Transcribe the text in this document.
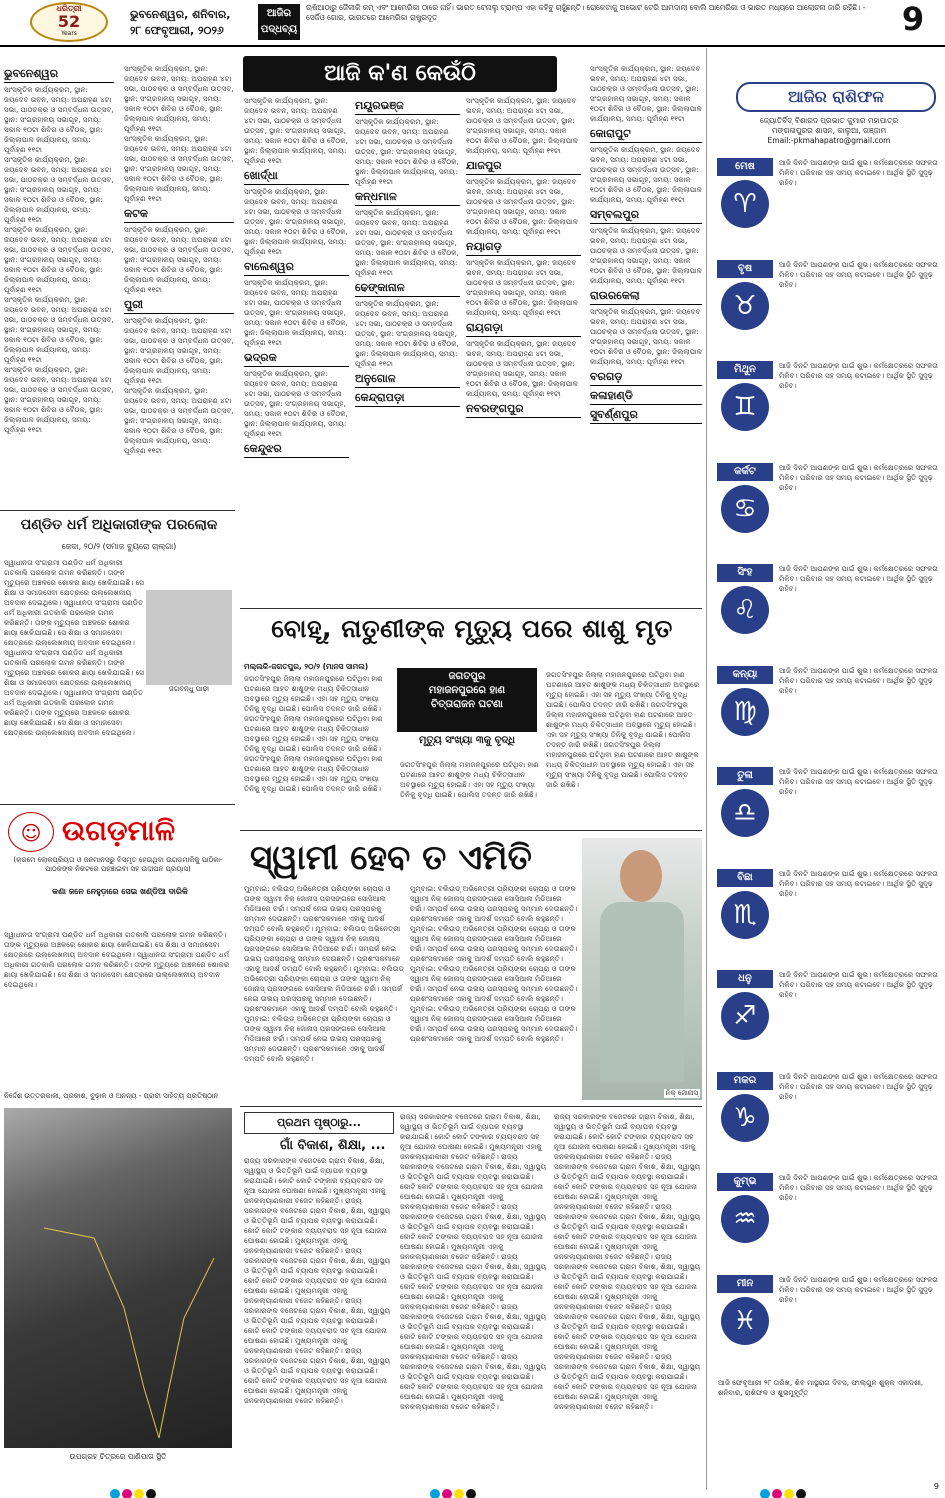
ଧରିତ୍ରୀ
52
Years
ଭୁବନେଶ୍ୱର, ଶନିବାର,
୨୮ ଫେବୃଆରୀ, ୨୦୨୬
ଆଜିର
ପଦ୍ଧବ୍ୟ
ଋଷିଆଠାରୁ ଜୈଳୀକି କମ୍ ଏବଂ ଆମେରିକା ଠାରେ ନାହିଁ। ଭାରତ ଟେନାଲୁ ଟ୍ରାମ୍ପ ଏହା କହିବୁ ଚାହୁଁଛନ୍ତି। ରୋକେଟାକୁ ଅଭୋଟ ଟେରି ଆମଦାନୀ ବୋଲି ଆମେରିକା ଓ ଭାରତ ମଧ୍ୟରେ ଆଲୋଚନା ଜାରି ରହିଛି। - ସେର୍ଜିଓ ଗୋର, ଭାରତରେ ଆମେରିକା ରାଷ୍ଟ୍ରଦୂତ	9
ଆଜି କ'ଣ କେଉଁଠି
ଭୁବନେଶ୍ୱର
ସାଂସ୍କୃତିକ କାର୍ଯ୍ୟକ୍ରମ, ସ୍ଥାନ: ଜୟଦେବ ଭବନ, ସମୟ: ଅପରାହ୍ଣ ୪ଟା ସଭା, ପାଠଚକ୍ର ଓ ସମ୍ବର୍ଦ୍ଧନା ଉତ୍ସବ, ସ୍ଥାନ: ସଂଗ୍ରହାଳୟ ସଭାଗୃହ, ସମୟ: ସକାଳ ୧୦ଟା ଶିବିର ଓ ବୈଠକ, ସ୍ଥାନ: ଜିଲ୍ଲାପାଳ କାର୍ଯ୍ୟାଳୟ, ସମୟ: ପୂର୍ବାହ୍ଣ ୧୧ଟା
ସାଂସ୍କୃତିକ କାର୍ଯ୍ୟକ୍ରମ, ସ୍ଥାନ: ଜୟଦେବ ଭବନ, ସମୟ: ଅପରାହ୍ଣ ୪ଟା ସଭା, ପାଠଚକ୍ର ଓ ସମ୍ବର୍ଦ୍ଧନା ଉତ୍ସବ, ସ୍ଥାନ: ସଂଗ୍ରହାଳୟ ସଭାଗୃହ, ସମୟ: ସକାଳ ୧୦ଟା ଶିବିର ଓ ବୈଠକ, ସ୍ଥାନ: ଜିଲ୍ଲାପାଳ କାର୍ଯ୍ୟାଳୟ, ସମୟ: ପୂର୍ବାହ୍ଣ ୧୧ଟା
ସାଂସ୍କୃତିକ କାର୍ଯ୍ୟକ୍ରମ, ସ୍ଥାନ: ଜୟଦେବ ଭବନ, ସମୟ: ଅପରାହ୍ଣ ୪ଟା ସଭା, ପାଠଚକ୍ର ଓ ସମ୍ବର୍ଦ୍ଧନା ଉତ୍ସବ, ସ୍ଥାନ: ସଂଗ୍ରହାଳୟ ସଭାଗୃହ, ସମୟ: ସକାଳ ୧୦ଟା ଶିବିର ଓ ବୈଠକ, ସ୍ଥାନ: ଜିଲ୍ଲାପାଳ କାର୍ଯ୍ୟାଳୟ, ସମୟ: ପୂର୍ବାହ୍ଣ ୧୧ଟା
ସାଂସ୍କୃତିକ କାର୍ଯ୍ୟକ୍ରମ, ସ୍ଥାନ: ଜୟଦେବ ଭବନ, ସମୟ: ଅପରାହ୍ଣ ୪ଟା ସଭା, ପାଠଚକ୍ର ଓ ସମ୍ବର୍ଦ୍ଧନା ଉତ୍ସବ, ସ୍ଥାନ: ସଂଗ୍ରହାଳୟ ସଭାଗୃହ, ସମୟ: ସକାଳ ୧୦ଟା ଶିବିର ଓ ବୈଠକ, ସ୍ଥାନ: ଜିଲ୍ଲାପାଳ କାର୍ଯ୍ୟାଳୟ, ସମୟ: ପୂର୍ବାହ୍ଣ ୧୧ଟା
ସାଂସ୍କୃତିକ କାର୍ଯ୍ୟକ୍ରମ, ସ୍ଥାନ: ଜୟଦେବ ଭବନ, ସମୟ: ଅପରାହ୍ଣ ୪ଟା ସଭା, ପାଠଚକ୍ର ଓ ସମ୍ବର୍ଦ୍ଧନା ଉତ୍ସବ, ସ୍ଥାନ: ସଂଗ୍ରହାଳୟ ସଭାଗୃହ, ସମୟ: ସକାଳ ୧୦ଟା ଶିବିର ଓ ବୈଠକ, ସ୍ଥାନ: ଜିଲ୍ଲାପାଳ କାର୍ଯ୍ୟାଳୟ, ସମୟ: ପୂର୍ବାହ୍ଣ ୧୧ଟା
ସାଂସ୍କୃତିକ କାର୍ଯ୍ୟକ୍ରମ, ସ୍ଥାନ: ଜୟଦେବ ଭବନ, ସମୟ: ଅପରାହ୍ଣ ୪ଟା ସଭା, ପାଠଚକ୍ର ଓ ସମ୍ବର୍ଦ୍ଧନା ଉତ୍ସବ, ସ୍ଥାନ: ସଂଗ୍ରହାଳୟ ସଭାଗୃହ, ସମୟ: ସକାଳ ୧୦ଟା ଶିବିର ଓ ବୈଠକ, ସ୍ଥାନ: ଜିଲ୍ଲାପାଳ କାର୍ଯ୍ୟାଳୟ, ସମୟ: ପୂର୍ବାହ୍ଣ ୧୧ଟା
ସାଂସ୍କୃତିକ କାର୍ଯ୍ୟକ୍ରମ, ସ୍ଥାନ: ଜୟଦେବ ଭବନ, ସମୟ: ଅପରାହ୍ଣ ୪ଟା ସଭା, ପାଠଚକ୍ର ଓ ସମ୍ବର୍ଦ୍ଧନା ଉତ୍ସବ, ସ୍ଥାନ: ସଂଗ୍ରହାଳୟ ସଭାଗୃହ, ସମୟ: ସକାଳ ୧୦ଟା ଶିବିର ଓ ବୈଠକ, ସ୍ଥାନ: ଜିଲ୍ଲାପାଳ କାର୍ଯ୍ୟାଳୟ, ସମୟ: ପୂର୍ବାହ୍ଣ ୧୧ଟା
କଟକ
ସାଂସ୍କୃତିକ କାର୍ଯ୍ୟକ୍ରମ, ସ୍ଥାନ: ଜୟଦେବ ଭବନ, ସମୟ: ଅପରାହ୍ଣ ୪ଟା ସଭା, ପାଠଚକ୍ର ଓ ସମ୍ବର୍ଦ୍ଧନା ଉତ୍ସବ, ସ୍ଥାନ: ସଂଗ୍ରହାଳୟ ସଭାଗୃହ, ସମୟ: ସକାଳ ୧୦ଟା ଶିବିର ଓ ବୈଠକ, ସ୍ଥାନ: ଜିଲ୍ଲାପାଳ କାର୍ଯ୍ୟାଳୟ, ସମୟ: ପୂର୍ବାହ୍ଣ ୧୧ଟା
ପୁରୀ
ସାଂସ୍କୃତିକ କାର୍ଯ୍ୟକ୍ରମ, ସ୍ଥାନ: ଜୟଦେବ ଭବନ, ସମୟ: ଅପରାହ୍ଣ ୪ଟା ସଭା, ପାଠଚକ୍ର ଓ ସମ୍ବର୍ଦ୍ଧନା ଉତ୍ସବ, ସ୍ଥାନ: ସଂଗ୍ରହାଳୟ ସଭାଗୃହ, ସମୟ: ସକାଳ ୧୦ଟା ଶିବିର ଓ ବୈଠକ, ସ୍ଥାନ: ଜିଲ୍ଲାପାଳ କାର୍ଯ୍ୟାଳୟ, ସମୟ: ପୂର୍ବାହ୍ଣ ୧୧ଟା
ସାଂସ୍କୃତିକ କାର୍ଯ୍ୟକ୍ରମ, ସ୍ଥାନ: ଜୟଦେବ ଭବନ, ସମୟ: ଅପରାହ୍ଣ ୪ଟା ସଭା, ପାଠଚକ୍ର ଓ ସମ୍ବର୍ଦ୍ଧନା ଉତ୍ସବ, ସ୍ଥାନ: ସଂଗ୍ରହାଳୟ ସଭାଗୃହ, ସମୟ: ସକାଳ ୧୦ଟା ଶିବିର ଓ ବୈଠକ, ସ୍ଥାନ: ଜିଲ୍ଲାପାଳ କାର୍ଯ୍ୟାଳୟ, ସମୟ: ପୂର୍ବାହ୍ଣ ୧୧ଟା
ସାଂସ୍କୃତିକ କାର୍ଯ୍ୟକ୍ରମ, ସ୍ଥାନ: ଜୟଦେବ ଭବନ, ସମୟ: ଅପରାହ୍ଣ ୪ଟା ସଭା, ପାଠଚକ୍ର ଓ ସମ୍ବର୍ଦ୍ଧନା ଉତ୍ସବ, ସ୍ଥାନ: ସଂଗ୍ରହାଳୟ ସଭାଗୃହ, ସମୟ: ସକାଳ ୧୦ଟା ଶିବିର ଓ ବୈଠକ, ସ୍ଥାନ: ଜିଲ୍ଲାପାଳ କାର୍ଯ୍ୟାଳୟ, ସମୟ: ପୂର୍ବାହ୍ଣ ୧୧ଟା
ଖୋର୍ଦ୍ଧା
ସାଂସ୍କୃତିକ କାର୍ଯ୍ୟକ୍ରମ, ସ୍ଥାନ: ଜୟଦେବ ଭବନ, ସମୟ: ଅପରାହ୍ଣ ୪ଟା ସଭା, ପାଠଚକ୍ର ଓ ସମ୍ବର୍ଦ୍ଧନା ଉତ୍ସବ, ସ୍ଥାନ: ସଂଗ୍ରହାଳୟ ସଭାଗୃହ, ସମୟ: ସକାଳ ୧୦ଟା ଶିବିର ଓ ବୈଠକ, ସ୍ଥାନ: ଜିଲ୍ଲାପାଳ କାର୍ଯ୍ୟାଳୟ, ସମୟ: ପୂର୍ବାହ୍ଣ ୧୧ଟା
ବାଲେଶ୍ୱର
ସାଂସ୍କୃତିକ କାର୍ଯ୍ୟକ୍ରମ, ସ୍ଥାନ: ଜୟଦେବ ଭବନ, ସମୟ: ଅପରାହ୍ଣ ୪ଟା ସଭା, ପାଠଚକ୍ର ଓ ସମ୍ବର୍ଦ୍ଧନା ଉତ୍ସବ, ସ୍ଥାନ: ସଂଗ୍ରହାଳୟ ସଭାଗୃହ, ସମୟ: ସକାଳ ୧୦ଟା ଶିବିର ଓ ବୈଠକ, ସ୍ଥାନ: ଜିଲ୍ଲାପାଳ କାର୍ଯ୍ୟାଳୟ, ସମୟ: ପୂର୍ବାହ୍ଣ ୧୧ଟା
ଭଦ୍ରକ
ସାଂସ୍କୃତିକ କାର୍ଯ୍ୟକ୍ରମ, ସ୍ଥାନ: ଜୟଦେବ ଭବନ, ସମୟ: ଅପରାହ୍ଣ ୪ଟା ସଭା, ପାଠଚକ୍ର ଓ ସମ୍ବର୍ଦ୍ଧନା ଉତ୍ସବ, ସ୍ଥାନ: ସଂଗ୍ରହାଳୟ ସଭାଗୃହ, ସମୟ: ସକାଳ ୧୦ଟା ଶିବିର ଓ ବୈଠକ, ସ୍ଥାନ: ଜିଲ୍ଲାପାଳ କାର୍ଯ୍ୟାଳୟ, ସମୟ: ପୂର୍ବାହ୍ଣ ୧୧ଟା
କେନ୍ଦୁଝର
ମୟୂରଭଞ୍ଜ
ସାଂସ୍କୃତିକ କାର୍ଯ୍ୟକ୍ରମ, ସ୍ଥାନ: ଜୟଦେବ ଭବନ, ସମୟ: ଅପରାହ୍ଣ ୪ଟା ସଭା, ପାଠଚକ୍ର ଓ ସମ୍ବର୍ଦ୍ଧନା ଉତ୍ସବ, ସ୍ଥାନ: ସଂଗ୍ରହାଳୟ ସଭାଗୃହ, ସମୟ: ସକାଳ ୧୦ଟା ଶିବିର ଓ ବୈଠକ, ସ୍ଥାନ: ଜିଲ୍ଲାପାଳ କାର୍ଯ୍ୟାଳୟ, ସମୟ: ପୂର୍ବାହ୍ଣ ୧୧ଟା
କନ୍ଧମାଳ
ସାଂସ୍କୃତିକ କାର୍ଯ୍ୟକ୍ରମ, ସ୍ଥାନ: ଜୟଦେବ ଭବନ, ସମୟ: ଅପରାହ୍ଣ ୪ଟା ସଭା, ପାଠଚକ୍ର ଓ ସମ୍ବର୍ଦ୍ଧନା ଉତ୍ସବ, ସ୍ଥାନ: ସଂଗ୍ରହାଳୟ ସଭାଗୃହ, ସମୟ: ସକାଳ ୧୦ଟା ଶିବିର ଓ ବୈଠକ, ସ୍ଥାନ: ଜିଲ୍ଲାପାଳ କାର୍ଯ୍ୟାଳୟ, ସମୟ: ପୂର୍ବାହ୍ଣ ୧୧ଟା
ଢେଙ୍କାନାଳ
ସାଂସ୍କୃତିକ କାର୍ଯ୍ୟକ୍ରମ, ସ୍ଥାନ: ଜୟଦେବ ଭବନ, ସମୟ: ଅପରାହ୍ଣ ୪ଟା ସଭା, ପାଠଚକ୍ର ଓ ସମ୍ବର୍ଦ୍ଧନା ଉତ୍ସବ, ସ୍ଥାନ: ସଂଗ୍ରହାଳୟ ସଭାଗୃହ, ସମୟ: ସକାଳ ୧୦ଟା ଶିବିର ଓ ବୈଠକ, ସ୍ଥାନ: ଜିଲ୍ଲାପାଳ କାର୍ଯ୍ୟାଳୟ, ସମୟ: ପୂର୍ବାହ୍ଣ ୧୧ଟା
ଅନୁଗୋଳ
କେନ୍ଦ୍ରାପଡ଼ା
ସାଂସ୍କୃତିକ କାର୍ଯ୍ୟକ୍ରମ, ସ୍ଥାନ: ଜୟଦେବ ଭବନ, ସମୟ: ଅପରାହ୍ଣ ୪ଟା ସଭା, ପାଠଚକ୍ର ଓ ସମ୍ବର୍ଦ୍ଧନା ଉତ୍ସବ, ସ୍ଥାନ: ସଂଗ୍ରହାଳୟ ସଭାଗୃହ, ସମୟ: ସକାଳ ୧୦ଟା ଶିବିର ଓ ବୈଠକ, ସ୍ଥାନ: ଜିଲ୍ଲାପାଳ କାର୍ଯ୍ୟାଳୟ, ସମୟ: ପୂର୍ବାହ୍ଣ ୧୧ଟା
ଯାଜପୁର
ସାଂସ୍କୃତିକ କାର୍ଯ୍ୟକ୍ରମ, ସ୍ଥାନ: ଜୟଦେବ ଭବନ, ସମୟ: ଅପରାହ୍ଣ ୪ଟା ସଭା, ପାଠଚକ୍ର ଓ ସମ୍ବର୍ଦ୍ଧନା ଉତ୍ସବ, ସ୍ଥାନ: ସଂଗ୍ରହାଳୟ ସଭାଗୃହ, ସମୟ: ସକାଳ ୧୦ଟା ଶିବିର ଓ ବୈଠକ, ସ୍ଥାନ: ଜିଲ୍ଲାପାଳ କାର୍ଯ୍ୟାଳୟ, ସମୟ: ପୂର୍ବାହ୍ଣ ୧୧ଟା
ନୟାଗଡ଼
ସାଂସ୍କୃତିକ କାର୍ଯ୍ୟକ୍ରମ, ସ୍ଥାନ: ଜୟଦେବ ଭବନ, ସମୟ: ଅପରାହ୍ଣ ୪ଟା ସଭା, ପାଠଚକ୍ର ଓ ସମ୍ବର୍ଦ୍ଧନା ଉତ୍ସବ, ସ୍ଥାନ: ସଂଗ୍ରହାଳୟ ସଭାଗୃହ, ସମୟ: ସକାଳ ୧୦ଟା ଶିବିର ଓ ବୈଠକ, ସ୍ଥାନ: ଜିଲ୍ଲାପାଳ କାର୍ଯ୍ୟାଳୟ, ସମୟ: ପୂର୍ବାହ୍ଣ ୧୧ଟା
ରାୟଗଡ଼ା
ସାଂସ୍କୃତିକ କାର୍ଯ୍ୟକ୍ରମ, ସ୍ଥାନ: ଜୟଦେବ ଭବନ, ସମୟ: ଅପରାହ୍ଣ ୪ଟା ସଭା, ପାଠଚକ୍ର ଓ ସମ୍ବର୍ଦ୍ଧନା ଉତ୍ସବ, ସ୍ଥାନ: ସଂଗ୍ରହାଳୟ ସଭାଗୃହ, ସମୟ: ସକାଳ ୧୦ଟା ଶିବିର ଓ ବୈଠକ, ସ୍ଥାନ: ଜିଲ୍ଲାପାଳ କାର୍ଯ୍ୟାଳୟ, ସମୟ: ପୂର୍ବାହ୍ଣ ୧୧ଟା
ନବରଙ୍ଗପୁର
ସାଂସ୍କୃତିକ କାର୍ଯ୍ୟକ୍ରମ, ସ୍ଥାନ: ଜୟଦେବ ଭବନ, ସମୟ: ଅପରାହ୍ଣ ୪ଟା ସଭା, ପାଠଚକ୍ର ଓ ସମ୍ବର୍ଦ୍ଧନା ଉତ୍ସବ, ସ୍ଥାନ: ସଂଗ୍ରହାଳୟ ସଭାଗୃହ, ସମୟ: ସକାଳ ୧୦ଟା ଶିବିର ଓ ବୈଠକ, ସ୍ଥାନ: ଜିଲ୍ଲାପାଳ କାର୍ଯ୍ୟାଳୟ, ସମୟ: ପୂର୍ବାହ୍ଣ ୧୧ଟା
କୋରାପୁଟ
ସାଂସ୍କୃତିକ କାର୍ଯ୍ୟକ୍ରମ, ସ୍ଥାନ: ଜୟଦେବ ଭବନ, ସମୟ: ଅପରାହ୍ଣ ୪ଟା ସଭା, ପାଠଚକ୍ର ଓ ସମ୍ବର୍ଦ୍ଧନା ଉତ୍ସବ, ସ୍ଥାନ: ସଂଗ୍ରହାଳୟ ସଭାଗୃହ, ସମୟ: ସକାଳ ୧୦ଟା ଶିବିର ଓ ବୈଠକ, ସ୍ଥାନ: ଜିଲ୍ଲାପାଳ କାର୍ଯ୍ୟାଳୟ, ସମୟ: ପୂର୍ବାହ୍ଣ ୧୧ଟା
ସମ୍ବଲପୁର
ସାଂସ୍କୃତିକ କାର୍ଯ୍ୟକ୍ରମ, ସ୍ଥାନ: ଜୟଦେବ ଭବନ, ସମୟ: ଅପରାହ୍ଣ ୪ଟା ସଭା, ପାଠଚକ୍ର ଓ ସମ୍ବର୍ଦ୍ଧନା ଉତ୍ସବ, ସ୍ଥାନ: ସଂଗ୍ରହାଳୟ ସଭାଗୃହ, ସମୟ: ସକାଳ ୧୦ଟା ଶିବିର ଓ ବୈଠକ, ସ୍ଥାନ: ଜିଲ୍ଲାପାଳ କାର୍ଯ୍ୟାଳୟ, ସମୟ: ପୂର୍ବାହ୍ଣ ୧୧ଟା
ରାଉରକେଲା
ସାଂସ୍କୃତିକ କାର୍ଯ୍ୟକ୍ରମ, ସ୍ଥାନ: ଜୟଦେବ ଭବନ, ସମୟ: ଅପରାହ୍ଣ ୪ଟା ସଭା, ପାଠଚକ୍ର ଓ ସମ୍ବର୍ଦ୍ଧନା ଉତ୍ସବ, ସ୍ଥାନ: ସଂଗ୍ରହାଳୟ ସଭାଗୃହ, ସମୟ: ସକାଳ ୧୦ଟା ଶିବିର ଓ ବୈଠକ, ସ୍ଥାନ: ଜିଲ୍ଲାପାଳ କାର୍ଯ୍ୟାଳୟ, ସମୟ: ପୂର୍ବାହ୍ଣ ୧୧ଟା
ବରଗଡ଼
କଳାହାଣ୍ଡି
ସୁବର୍ଣ୍ଣପୁର
ଆଜିର ରାଶିଫଳ
ଜ୍ୟୋତିର୍ବିଦ୍ ବିଶାରଦ ପ୍ରଭାତ କୁମାର ମହାପାତ୍ର
ମଙ୍ଗଳାପୁରର ଶାସନ, କାଲୁଆ, ଗଞ୍ଜାମ
Email:-pkmahapatro@gmail.com
ମେଷ
♈
ଆଜି ଦିନଟି ଆପଣଙ୍କ ପାଇଁ ଶୁଭ। କର୍ମକ୍ଷେତ୍ରରେ ସଫଳତା ମିଳିବ। ପରିବାର ସହ ସମୟ କଟାଇବେ। ଆର୍ଥିକ ସ୍ଥିତି ସୁଦୃଢ଼ ରହିବ।
ବୃଷ
♉
ଆଜି ଦିନଟି ଆପଣଙ୍କ ପାଇଁ ଶୁଭ। କର୍ମକ୍ଷେତ୍ରରେ ସଫଳତା ମିଳିବ। ପରିବାର ସହ ସମୟ କଟାଇବେ। ଆର୍ଥିକ ସ୍ଥିତି ସୁଦୃଢ଼ ରହିବ।
ମିଥୁନ
♊
ଆଜି ଦିନଟି ଆପଣଙ୍କ ପାଇଁ ଶୁଭ। କର୍ମକ୍ଷେତ୍ରରେ ସଫଳତା ମିଳିବ। ପରିବାର ସହ ସମୟ କଟାଇବେ। ଆର୍ଥିକ ସ୍ଥିତି ସୁଦୃଢ଼ ରହିବ।
କର୍କଟ
♋
ଆଜି ଦିନଟି ଆପଣଙ୍କ ପାଇଁ ଶୁଭ। କର୍ମକ୍ଷେତ୍ରରେ ସଫଳତା ମିଳିବ। ପରିବାର ସହ ସମୟ କଟାଇବେ। ଆର୍ଥିକ ସ୍ଥିତି ସୁଦୃଢ଼ ରହିବ।
ସିଂହ
♌
ଆଜି ଦିନଟି ଆପଣଙ୍କ ପାଇଁ ଶୁଭ। କର୍ମକ୍ଷେତ୍ରରେ ସଫଳତା ମିଳିବ। ପରିବାର ସହ ସମୟ କଟାଇବେ। ଆର୍ଥିକ ସ୍ଥିତି ସୁଦୃଢ଼ ରହିବ।
କନ୍ୟା
♍
ଆଜି ଦିନଟି ଆପଣଙ୍କ ପାଇଁ ଶୁଭ। କର୍ମକ୍ଷେତ୍ରରେ ସଫଳତା ମିଳିବ। ପରିବାର ସହ ସମୟ କଟାଇବେ। ଆର୍ଥିକ ସ୍ଥିତି ସୁଦୃଢ଼ ରହିବ।
ତୁଳା
♎
ଆଜି ଦିନଟି ଆପଣଙ୍କ ପାଇଁ ଶୁଭ। କର୍ମକ୍ଷେତ୍ରରେ ସଫଳତା ମିଳିବ। ପରିବାର ସହ ସମୟ କଟାଇବେ। ଆର୍ଥିକ ସ୍ଥିତି ସୁଦୃଢ଼ ରହିବ।
ବିଛା
♏
ଆଜି ଦିନଟି ଆପଣଙ୍କ ପାଇଁ ଶୁଭ। କର୍ମକ୍ଷେତ୍ରରେ ସଫଳତା ମିଳିବ। ପରିବାର ସହ ସମୟ କଟାଇବେ। ଆର୍ଥିକ ସ୍ଥିତି ସୁଦୃଢ଼ ରହିବ।
ଧନୁ
♐
ଆଜି ଦିନଟି ଆପଣଙ୍କ ପାଇଁ ଶୁଭ। କର୍ମକ୍ଷେତ୍ରରେ ସଫଳତା ମିଳିବ। ପରିବାର ସହ ସମୟ କଟାଇବେ। ଆର୍ଥିକ ସ୍ଥିତି ସୁଦୃଢ଼ ରହିବ।
ମକର
♑
ଆଜି ଦିନଟି ଆପଣଙ୍କ ପାଇଁ ଶୁଭ। କର୍ମକ୍ଷେତ୍ରରେ ସଫଳତା ମିଳିବ। ପରିବାର ସହ ସମୟ କଟାଇବେ। ଆର୍ଥିକ ସ୍ଥିତି ସୁଦୃଢ଼ ରହିବ।
କୁମ୍ଭ
♒
ଆଜି ଦିନଟି ଆପଣଙ୍କ ପାଇଁ ଶୁଭ। କର୍ମକ୍ଷେତ୍ରରେ ସଫଳତା ମିଳିବ। ପରିବାର ସହ ସମୟ କଟାଇବେ। ଆର୍ଥିକ ସ୍ଥିତି ସୁଦୃଢ଼ ରହିବ।
ମୀନ
♓
ଆଜି ଦିନଟି ଆପଣଙ୍କ ପାଇଁ ଶୁଭ। କର୍ମକ୍ଷେତ୍ରରେ ସଫଳତା ମିଳିବ। ପରିବାର ସହ ସମୟ କଟାଇବେ। ଆର୍ଥିକ ସ୍ଥିତି ସୁଦୃଢ଼ ରହିବ।
ଆଜି ଫେବୃଆରୀ ୨୮ ତାରିଖ, ଶିବ ମାସ୍ଥରାଗ ଦିବସ, ଫାଲ୍ଗୁନ ଶୁକ୍ଳ ଏକାଦଶୀ, ଶନିବାର, ରାଶିଫଳ ଓ ଶୁଭମୁହୂର୍ତ୍ତ
ପଣ୍ଡିତ ଧର୍ମ ଅଧିକାରୀଙ୍କ ପରଲୋକ
ଜେଦା, ୨୦/୨ (ସମାଜ ବ୍ୟୁରୋ ଚାଲ୍ଗା)
ଜଗବନ୍ଧୁ ପାଢ଼ୀ
ସ୍ୱାଧୀନତା ସଂଗ୍ରାମୀ ପଣ୍ଡିତ ଧର୍ମ ଅଧିକାରୀ ଗତକାଲି ପରଲୋକ ଗମନ କରିଛନ୍ତି। ତାଙ୍କ ମୃତ୍ୟୁରେ ଅଞ୍ଚଳରେ ଶୋକର ଛାୟା ଖେଳିଯାଇଛି। ସେ ଶିକ୍ଷା ଓ ସମାଜସେବା କ୍ଷେତ୍ରରେ ଉଲ୍ଲେଖନୀୟ ଅବଦାନ ଦେଇଥିଲେ। ସ୍ୱାଧୀନତା ସଂଗ୍ରାମୀ ପଣ୍ଡିତ ଧର୍ମ ଅଧିକାରୀ ଗତକାଲି ପରଲୋକ ଗମନ କରିଛନ୍ତି। ତାଙ୍କ ମୃତ୍ୟୁରେ ଅଞ୍ଚଳରେ ଶୋକର ଛାୟା ଖେଳିଯାଇଛି। ସେ ଶିକ୍ଷା ଓ ସମାଜସେବା କ୍ଷେତ୍ରରେ ଉଲ୍ଲେଖନୀୟ ଅବଦାନ ଦେଇଥିଲେ। ସ୍ୱାଧୀନତା ସଂଗ୍ରାମୀ ପଣ୍ଡିତ ଧର୍ମ ଅଧିକାରୀ ଗତକାଲି ପରଲୋକ ଗମନ କରିଛନ୍ତି। ତାଙ୍କ ମୃତ୍ୟୁରେ ଅଞ୍ଚଳରେ ଶୋକର ଛାୟା ଖେଳିଯାଇଛି। ସେ ଶିକ୍ଷା ଓ ସମାଜସେବା କ୍ଷେତ୍ରରେ ଉଲ୍ଲେଖନୀୟ ଅବଦାନ ଦେଇଥିଲେ। ସ୍ୱାଧୀନତା ସଂଗ୍ରାମୀ ପଣ୍ଡିତ ଧର୍ମ ଅଧିକାରୀ ଗତକାଲି ପରଲୋକ ଗମନ କରିଛନ୍ତି। ତାଙ୍କ ମୃତ୍ୟୁରେ ଅଞ୍ଚଳରେ ଶୋକର ଛାୟା ଖେଳିଯାଇଛି। ସେ ଶିକ୍ଷା ଓ ସମାଜସେବା କ୍ଷେତ୍ରରେ ଉଲ୍ଲେଖନୀୟ ଅବଦାନ ଦେଇଥିଲେ।
☺ ଉଗଡ଼ମାଳି
(କ୍ରମେ ଲୋକପ୍ରିୟତା ଓ ଜନମାନସରୁ ବିସ୍ମୃତ ହେଉଥିବା ଉଗଡ଼ମାଳିକୁ ପାଠିକା-ପାଠକଙ୍କ ନିକଟରେ ପହଞ୍ଚାଇବା ସହ ଉଦ୍ଦୀପନ ପ୍ରୟାସ)
କଣା ଜନେ ନେହୁଡ଼ାରେ ସେଇ ଖଣ୍ଡିଆ ଦାରିକି
ସ୍ୱାଧୀନତା ସଂଗ୍ରାମୀ ପଣ୍ଡିତ ଧର୍ମ ଅଧିକାରୀ ଗତକାଲି ପରଲୋକ ଗମନ କରିଛନ୍ତି। ତାଙ୍କ ମୃତ୍ୟୁରେ ଅଞ୍ଚଳରେ ଶୋକର ଛାୟା ଖେଳିଯାଇଛି। ସେ ଶିକ୍ଷା ଓ ସମାଜସେବା କ୍ଷେତ୍ରରେ ଉଲ୍ଲେଖନୀୟ ଅବଦାନ ଦେଇଥିଲେ। ସ୍ୱାଧୀନତା ସଂଗ୍ରାମୀ ପଣ୍ଡିତ ଧର୍ମ ଅଧିକାରୀ ଗତକାଲି ପରଲୋକ ଗମନ କରିଛନ୍ତି। ତାଙ୍କ ମୃତ୍ୟୁରେ ଅଞ୍ଚଳରେ ଶୋକର ଛାୟା ଖେଳିଯାଇଛି। ସେ ଶିକ୍ଷା ଓ ସମାଜସେବା କ୍ଷେତ୍ରରେ ଉଲ୍ଲେଖନୀୟ ଅବଦାନ ଦେଇଥିଲେ।
ନିର୍ଦ୍ଦେଶ ଉତ୍ତରକାଳୀ, ପ୍ରକାଶ, ବୁଢ଼ାଳ ଓ ଅନନ୍ୟ - ପ୍ରାଚୀ ସାହିତ୍ୟ ପ୍ରତିଷ୍ଠାନ
ଉପଗ୍ରହ ଚିତ୍ରରେ ପାଣିପାଗ ସ୍ଥିତି
ବୋହୂ, ନାତୁଣୀଙ୍କ ମୃତ୍ୟୁ ପରେ ଶାଶୁ ମୃତ
ମଲ୍ଲକି-ଜଗତପୁର, ୨୦/୨ (ମାନସ ସାମଲ)
ଜଗତପୁର
ମହାଜନପୁରରେ ହାଣ
ଚିତ୍ତାରାଜନ ଘଟଣା
ମୃତ୍ୟୁ ସଂଖ୍ୟା ୩କୁ ବୃଦ୍ଧି
ଜଗତସିଂହପୁର ଜିଲ୍ଲା ମହାଜନପୁରରେ ଘଟିଥିବା ହାଣ ଘଟଣାରେ ଆହତ ଶାଶୁଙ୍କ ମଧ୍ୟ ଚିକିତ୍ସାଧୀନ ଅବସ୍ଥାରେ ମୃତ୍ୟୁ ହୋଇଛି। ଏହା ସହ ମୃତ୍ୟୁ ସଂଖ୍ୟା ତିନିକୁ ବୃଦ୍ଧି ପାଇଛି। ପୋଲିସ ତଦନ୍ତ ଜାରି ରଖିଛି। ଜଗତସିଂହପୁର ଜିଲ୍ଲା ମହାଜନପୁରରେ ଘଟିଥିବା ହାଣ ଘଟଣାରେ ଆହତ ଶାଶୁଙ୍କ ମଧ୍ୟ ଚିକିତ୍ସାଧୀନ ଅବସ୍ଥାରେ ମୃତ୍ୟୁ ହୋଇଛି। ଏହା ସହ ମୃତ୍ୟୁ ସଂଖ୍ୟା ତିନିକୁ ବୃଦ୍ଧି ପାଇଛି। ପୋଲିସ ତଦନ୍ତ ଜାରି ରଖିଛି। ଜଗତସିଂହପୁର ଜିଲ୍ଲା ମହାଜନପୁରରେ ଘଟିଥିବା ହାଣ ଘଟଣାରେ ଆହତ ଶାଶୁଙ୍କ ମଧ୍ୟ ଚିକିତ୍ସାଧୀନ ଅବସ୍ଥାରେ ମୃତ୍ୟୁ ହୋଇଛି। ଏହା ସହ ମୃତ୍ୟୁ ସଂଖ୍ୟା ତିନିକୁ ବୃଦ୍ଧି ପାଇଛି। ପୋଲିସ ତଦନ୍ତ ଜାରି ରଖିଛି।
ଜଗତସିଂହପୁର ଜିଲ୍ଲା ମହାଜନପୁରରେ ଘଟିଥିବା ହାଣ ଘଟଣାରେ ଆହତ ଶାଶୁଙ୍କ ମଧ୍ୟ ଚିକିତ୍ସାଧୀନ ଅବସ୍ଥାରେ ମୃତ୍ୟୁ ହୋଇଛି। ଏହା ସହ ମୃତ୍ୟୁ ସଂଖ୍ୟା ତିନିକୁ ବୃଦ୍ଧି ପାଇଛି। ପୋଲିସ ତଦନ୍ତ ଜାରି ରଖିଛି।
ଜଗତସିଂହପୁର ଜିଲ୍ଲା ମହାଜନପୁରରେ ଘଟିଥିବା ହାଣ ଘଟଣାରେ ଆହତ ଶାଶୁଙ୍କ ମଧ୍ୟ ଚିକିତ୍ସାଧୀନ ଅବସ୍ଥାରେ ମୃତ୍ୟୁ ହୋଇଛି। ଏହା ସହ ମୃତ୍ୟୁ ସଂଖ୍ୟା ତିନିକୁ ବୃଦ୍ଧି ପାଇଛି। ପୋଲିସ ତଦନ୍ତ ଜାରି ରଖିଛି। ଜଗତସିଂହପୁର ଜିଲ୍ଲା ମହାଜନପୁରରେ ଘଟିଥିବା ହାଣ ଘଟଣାରେ ଆହତ ଶାଶୁଙ୍କ ମଧ୍ୟ ଚିକିତ୍ସାଧୀନ ଅବସ୍ଥାରେ ମୃତ୍ୟୁ ହୋଇଛି। ଏହା ସହ ମୃତ୍ୟୁ ସଂଖ୍ୟା ତିନିକୁ ବୃଦ୍ଧି ପାଇଛି। ପୋଲିସ ତଦନ୍ତ ଜାରି ରଖିଛି। ଜଗତସିଂହପୁର ଜିଲ୍ଲା ମହାଜନପୁରରେ ଘଟିଥିବା ହାଣ ଘଟଣାରେ ଆହତ ଶାଶୁଙ୍କ ମଧ୍ୟ ଚିକିତ୍ସାଧୀନ ଅବସ୍ଥାରେ ମୃତ୍ୟୁ ହୋଇଛି। ଏହା ସହ ମୃତ୍ୟୁ ସଂଖ୍ୟା ତିନିକୁ ବୃଦ୍ଧି ପାଇଛି। ପୋଲିସ ତଦନ୍ତ ଜାରି ରଖିଛି।
ସ୍ୱାମୀ ହେବ ତ ଏମିତି
ନିକ୍ ଜୋନାସ୍
ମୁମ୍ବାଇ: ବଲିଉଡ୍ ଅଭିନେତ୍ରୀ ପ୍ରିୟଙ୍କା ଚୋପ୍ରା ଓ ତାଙ୍କ ସ୍ୱାମୀ ନିକ୍ ଜୋନାସ୍ ପ୍ରସଙ୍ଗରେ ସୋସିଆଲ ମିଡିଆରେ ଚର୍ଚ୍ଚା। ସମ୍ପର୍କ ନେଇ ଉଭୟ ପରସ୍ପରକୁ ସମ୍ମାନ ଦେଉଛନ୍ତି। ପ୍ରଶଂସକମାନେ ଏହାକୁ ଆଦର୍ଶ ଦମ୍ପତି ବୋଲି କହୁଛନ୍ତି। ମୁମ୍ବାଇ: ବଲିଉଡ୍ ଅଭିନେତ୍ରୀ ପ୍ରିୟଙ୍କା ଚୋପ୍ରା ଓ ତାଙ୍କ ସ୍ୱାମୀ ନିକ୍ ଜୋନାସ୍ ପ୍ରସଙ୍ଗରେ ସୋସିଆଲ ମିଡିଆରେ ଚର୍ଚ୍ଚା। ସମ୍ପର୍କ ନେଇ ଉଭୟ ପରସ୍ପରକୁ ସମ୍ମାନ ଦେଉଛନ୍ତି। ପ୍ରଶଂସକମାନେ ଏହାକୁ ଆଦର୍ଶ ଦମ୍ପତି ବୋଲି କହୁଛନ୍ତି। ମୁମ୍ବାଇ: ବଲିଉଡ୍ ଅଭିନେତ୍ରୀ ପ୍ରିୟଙ୍କା ଚୋପ୍ରା ଓ ତାଙ୍କ ସ୍ୱାମୀ ନିକ୍ ଜୋନାସ୍ ପ୍ରସଙ୍ଗରେ ସୋସିଆଲ ମିଡିଆରେ ଚର୍ଚ୍ଚା। ସମ୍ପର୍କ ନେଇ ଉଭୟ ପରସ୍ପରକୁ ସମ୍ମାନ ଦେଉଛନ୍ତି। ପ୍ରଶଂସକମାନେ ଏହାକୁ ଆଦର୍ଶ ଦମ୍ପତି ବୋଲି କହୁଛନ୍ତି। ମୁମ୍ବାଇ: ବଲିଉଡ୍ ଅଭିନେତ୍ରୀ ପ୍ରିୟଙ୍କା ଚୋପ୍ରା ଓ ତାଙ୍କ ସ୍ୱାମୀ ନିକ୍ ଜୋନାସ୍ ପ୍ରସଙ୍ଗରେ ସୋସିଆଲ ମିଡିଆରେ ଚର୍ଚ୍ଚା। ସମ୍ପର୍କ ନେଇ ଉଭୟ ପରସ୍ପରକୁ ସମ୍ମାନ ଦେଉଛନ୍ତି। ପ୍ରଶଂସକମାନେ ଏହାକୁ ଆଦର୍ଶ ଦମ୍ପତି ବୋଲି କହୁଛନ୍ତି।
ମୁମ୍ବାଇ: ବଲିଉଡ୍ ଅଭିନେତ୍ରୀ ପ୍ରିୟଙ୍କା ଚୋପ୍ରା ଓ ତାଙ୍କ ସ୍ୱାମୀ ନିକ୍ ଜୋନାସ୍ ପ୍ରସଙ୍ଗରେ ସୋସିଆଲ ମିଡିଆରେ ଚର୍ଚ୍ଚା। ସମ୍ପର୍କ ନେଇ ଉଭୟ ପରସ୍ପରକୁ ସମ୍ମାନ ଦେଉଛନ୍ତି। ପ୍ରଶଂସକମାନେ ଏହାକୁ ଆଦର୍ଶ ଦମ୍ପତି ବୋଲି କହୁଛନ୍ତି। ମୁମ୍ବାଇ: ବଲିଉଡ୍ ଅଭିନେତ୍ରୀ ପ୍ରିୟଙ୍କା ଚୋପ୍ରା ଓ ତାଙ୍କ ସ୍ୱାମୀ ନିକ୍ ଜୋନାସ୍ ପ୍ରସଙ୍ଗରେ ସୋସିଆଲ ମିଡିଆରେ ଚର୍ଚ୍ଚା। ସମ୍ପର୍କ ନେଇ ଉଭୟ ପରସ୍ପରକୁ ସମ୍ମାନ ଦେଉଛନ୍ତି। ପ୍ରଶଂସକମାନେ ଏହାକୁ ଆଦର୍ଶ ଦମ୍ପତି ବୋଲି କହୁଛନ୍ତି। ମୁମ୍ବାଇ: ବଲିଉଡ୍ ଅଭିନେତ୍ରୀ ପ୍ରିୟଙ୍କା ଚୋପ୍ରା ଓ ତାଙ୍କ ସ୍ୱାମୀ ନିକ୍ ଜୋନାସ୍ ପ୍ରସଙ୍ଗରେ ସୋସିଆଲ ମିଡିଆରେ ଚର୍ଚ୍ଚା। ସମ୍ପର୍କ ନେଇ ଉଭୟ ପରସ୍ପରକୁ ସମ୍ମାନ ଦେଉଛନ୍ତି। ପ୍ରଶଂସକମାନେ ଏହାକୁ ଆଦର୍ଶ ଦମ୍ପତି ବୋଲି କହୁଛନ୍ତି। ମୁମ୍ବାଇ: ବଲିଉଡ୍ ଅଭିନେତ୍ରୀ ପ୍ରିୟଙ୍କା ଚୋପ୍ରା ଓ ତାଙ୍କ ସ୍ୱାମୀ ନିକ୍ ଜୋନାସ୍ ପ୍ରସଙ୍ଗରେ ସୋସିଆଲ ମିଡିଆରେ ଚର୍ଚ୍ଚା। ସମ୍ପର୍କ ନେଇ ଉଭୟ ପରସ୍ପରକୁ ସମ୍ମାନ ଦେଉଛନ୍ତି। ପ୍ରଶଂସକମାନେ ଏହାକୁ ଆଦର୍ଶ ଦମ୍ପତି ବୋଲି କହୁଛନ୍ତି।
ପ୍ରଥମ ପୃଷ୍ଠାରୁ...
ଗାଁ ବିକାଶ, ଶିକ୍ଷା, ...
ରାଜ୍ୟ ସରକାରଙ୍କ ବଜେଟରେ ଗ୍ରାମ ବିକାଶ, ଶିକ୍ଷା, ସ୍ୱାସ୍ଥ୍ୟ ଓ ଭିତ୍ତିଭୂମି ପାଇଁ ବ୍ୟାପକ ବ୍ୟବସ୍ଥା କରାଯାଇଛି। କୋଟି କୋଟି ଟଙ୍କାର ବ୍ୟୟବରାଦ ସହ ନୂଆ ଯୋଜନା ଘୋଷଣା ହୋଇଛି। ମୁଖ୍ୟମନ୍ତ୍ରୀ ଏହାକୁ ଜନକଲ୍ୟାଣକାରୀ ବଜେଟ କହିଛନ୍ତି। ରାଜ୍ୟ ସରକାରଙ୍କ ବଜେଟରେ ଗ୍ରାମ ବିକାଶ, ଶିକ୍ଷା, ସ୍ୱାସ୍ଥ୍ୟ ଓ ଭିତ୍ତିଭୂମି ପାଇଁ ବ୍ୟାପକ ବ୍ୟବସ୍ଥା କରାଯାଇଛି। କୋଟି କୋଟି ଟଙ୍କାର ବ୍ୟୟବରାଦ ସହ ନୂଆ ଯୋଜନା ଘୋଷଣା ହୋଇଛି। ମୁଖ୍ୟମନ୍ତ୍ରୀ ଏହାକୁ ଜନକଲ୍ୟାଣକାରୀ ବଜେଟ କହିଛନ୍ତି। ରାଜ୍ୟ ସରକାରଙ୍କ ବଜେଟରେ ଗ୍ରାମ ବିକାଶ, ଶିକ୍ଷା, ସ୍ୱାସ୍ଥ୍ୟ ଓ ଭିତ୍ତିଭୂମି ପାଇଁ ବ୍ୟାପକ ବ୍ୟବସ୍ଥା କରାଯାଇଛି। କୋଟି କୋଟି ଟଙ୍କାର ବ୍ୟୟବରାଦ ସହ ନୂଆ ଯୋଜନା ଘୋଷଣା ହୋଇଛି। ମୁଖ୍ୟମନ୍ତ୍ରୀ ଏହାକୁ ଜନକଲ୍ୟାଣକାରୀ ବଜେଟ କହିଛନ୍ତି। ରାଜ୍ୟ ସରକାରଙ୍କ ବଜେଟରେ ଗ୍ରାମ ବିକାଶ, ଶିକ୍ଷା, ସ୍ୱାସ୍ଥ୍ୟ ଓ ଭିତ୍ତିଭୂମି ପାଇଁ ବ୍ୟାପକ ବ୍ୟବସ୍ଥା କରାଯାଇଛି। କୋଟି କୋଟି ଟଙ୍କାର ବ୍ୟୟବରାଦ ସହ ନୂଆ ଯୋଜନା ଘୋଷଣା ହୋଇଛି। ମୁଖ୍ୟମନ୍ତ୍ରୀ ଏହାକୁ ଜନକଲ୍ୟାଣକାରୀ ବଜେଟ କହିଛନ୍ତି। ରାଜ୍ୟ ସରକାରଙ୍କ ବଜେଟରେ ଗ୍ରାମ ବିକାଶ, ଶିକ୍ଷା, ସ୍ୱାସ୍ଥ୍ୟ ଓ ଭିତ୍ତିଭୂମି ପାଇଁ ବ୍ୟାପକ ବ୍ୟବସ୍ଥା କରାଯାଇଛି। କୋଟି କୋଟି ଟଙ୍କାର ବ୍ୟୟବରାଦ ସହ ନୂଆ ଯୋଜନା ଘୋଷଣା ହୋଇଛି। ମୁଖ୍ୟମନ୍ତ୍ରୀ ଏହାକୁ ଜନକଲ୍ୟାଣକାରୀ ବଜେଟ କହିଛନ୍ତି।
ରାଜ୍ୟ ସରକାରଙ୍କ ବଜେଟରେ ଗ୍ରାମ ବିକାଶ, ଶିକ୍ଷା, ସ୍ୱାସ୍ଥ୍ୟ ଓ ଭିତ୍ତିଭୂମି ପାଇଁ ବ୍ୟାପକ ବ୍ୟବସ୍ଥା କରାଯାଇଛି। କୋଟି କୋଟି ଟଙ୍କାର ବ୍ୟୟବରାଦ ସହ ନୂଆ ଯୋଜନା ଘୋଷଣା ହୋଇଛି। ମୁଖ୍ୟମନ୍ତ୍ରୀ ଏହାକୁ ଜନକଲ୍ୟାଣକାରୀ ବଜେଟ କହିଛନ୍ତି। ରାଜ୍ୟ ସରକାରଙ୍କ ବଜେଟରେ ଗ୍ରାମ ବିକାଶ, ଶିକ୍ଷା, ସ୍ୱାସ୍ଥ୍ୟ ଓ ଭିତ୍ତିଭୂମି ପାଇଁ ବ୍ୟାପକ ବ୍ୟବସ୍ଥା କରାଯାଇଛି। କୋଟି କୋଟି ଟଙ୍କାର ବ୍ୟୟବରାଦ ସହ ନୂଆ ଯୋଜନା ଘୋଷଣା ହୋଇଛି। ମୁଖ୍ୟମନ୍ତ୍ରୀ ଏହାକୁ ଜନକଲ୍ୟାଣକାରୀ ବଜେଟ କହିଛନ୍ତି। ରାଜ୍ୟ ସରକାରଙ୍କ ବଜେଟରେ ଗ୍ରାମ ବିକାଶ, ଶିକ୍ଷା, ସ୍ୱାସ୍ଥ୍ୟ ଓ ଭିତ୍ତିଭୂମି ପାଇଁ ବ୍ୟାପକ ବ୍ୟବସ୍ଥା କରାଯାଇଛି। କୋଟି କୋଟି ଟଙ୍କାର ବ୍ୟୟବରାଦ ସହ ନୂଆ ଯୋଜନା ଘୋଷଣା ହୋଇଛି। ମୁଖ୍ୟମନ୍ତ୍ରୀ ଏହାକୁ ଜନକଲ୍ୟାଣକାରୀ ବଜେଟ କହିଛନ୍ତି। ରାଜ୍ୟ ସରକାରଙ୍କ ବଜେଟରେ ଗ୍ରାମ ବିକାଶ, ଶିକ୍ଷା, ସ୍ୱାସ୍ଥ୍ୟ ଓ ଭିତ୍ତିଭୂମି ପାଇଁ ବ୍ୟାପକ ବ୍ୟବସ୍ଥା କରାଯାଇଛି। କୋଟି କୋଟି ଟଙ୍କାର ବ୍ୟୟବରାଦ ସହ ନୂଆ ଯୋଜନା ଘୋଷଣା ହୋଇଛି। ମୁଖ୍ୟମନ୍ତ୍ରୀ ଏହାକୁ ଜନକଲ୍ୟାଣକାରୀ ବଜେଟ କହିଛନ୍ତି। ରାଜ୍ୟ ସରକାରଙ୍କ ବଜେଟରେ ଗ୍ରାମ ବିକାଶ, ଶିକ୍ଷା, ସ୍ୱାସ୍ଥ୍ୟ ଓ ଭିତ୍ତିଭୂମି ପାଇଁ ବ୍ୟାପକ ବ୍ୟବସ୍ଥା କରାଯାଇଛି। କୋଟି କୋଟି ଟଙ୍କାର ବ୍ୟୟବରାଦ ସହ ନୂଆ ଯୋଜନା ଘୋଷଣା ହୋଇଛି। ମୁଖ୍ୟମନ୍ତ୍ରୀ ଏହାକୁ ଜନକଲ୍ୟାଣକାରୀ ବଜେଟ କହିଛନ୍ତି। ରାଜ୍ୟ ସରକାରଙ୍କ ବଜେଟରେ ଗ୍ରାମ ବିକାଶ, ଶିକ୍ଷା, ସ୍ୱାସ୍ଥ୍ୟ ଓ ଭିତ୍ତିଭୂମି ପାଇଁ ବ୍ୟାପକ ବ୍ୟବସ୍ଥା କରାଯାଇଛି। କୋଟି କୋଟି ଟଙ୍କାର ବ୍ୟୟବରାଦ ସହ ନୂଆ ଯୋଜନା ଘୋଷଣା ହୋଇଛି। ମୁଖ୍ୟମନ୍ତ୍ରୀ ଏହାକୁ ଜନକଲ୍ୟାଣକାରୀ ବଜେଟ କହିଛନ୍ତି।
ରାଜ୍ୟ ସରକାରଙ୍କ ବଜେଟରେ ଗ୍ରାମ ବିକାଶ, ଶିକ୍ଷା, ସ୍ୱାସ୍ଥ୍ୟ ଓ ଭିତ୍ତିଭୂମି ପାଇଁ ବ୍ୟାପକ ବ୍ୟବସ୍ଥା କରାଯାଇଛି। କୋଟି କୋଟି ଟଙ୍କାର ବ୍ୟୟବରାଦ ସହ ନୂଆ ଯୋଜନା ଘୋଷଣା ହୋଇଛି। ମୁଖ୍ୟମନ୍ତ୍ରୀ ଏହାକୁ ଜନକଲ୍ୟାଣକାରୀ ବଜେଟ କହିଛନ୍ତି। ରାଜ୍ୟ ସରକାରଙ୍କ ବଜେଟରେ ଗ୍ରାମ ବିକାଶ, ଶିକ୍ଷା, ସ୍ୱାସ୍ଥ୍ୟ ଓ ଭିତ୍ତିଭୂମି ପାଇଁ ବ୍ୟାପକ ବ୍ୟବସ୍ଥା କରାଯାଇଛି। କୋଟି କୋଟି ଟଙ୍କାର ବ୍ୟୟବରାଦ ସହ ନୂଆ ଯୋଜନା ଘୋଷଣା ହୋଇଛି। ମୁଖ୍ୟମନ୍ତ୍ରୀ ଏହାକୁ ଜନକଲ୍ୟାଣକାରୀ ବଜେଟ କହିଛନ୍ତି। ରାଜ୍ୟ ସରକାରଙ୍କ ବଜେଟରେ ଗ୍ରାମ ବିକାଶ, ଶିକ୍ଷା, ସ୍ୱାସ୍ଥ୍ୟ ଓ ଭିତ୍ତିଭୂମି ପାଇଁ ବ୍ୟାପକ ବ୍ୟବସ୍ଥା କରାଯାଇଛି। କୋଟି କୋଟି ଟଙ୍କାର ବ୍ୟୟବରାଦ ସହ ନୂଆ ଯୋଜନା ଘୋଷଣା ହୋଇଛି। ମୁଖ୍ୟମନ୍ତ୍ରୀ ଏହାକୁ ଜନକଲ୍ୟାଣକାରୀ ବଜେଟ କହିଛନ୍ତି। ରାଜ୍ୟ ସରକାରଙ୍କ ବଜେଟରେ ଗ୍ରାମ ବିକାଶ, ଶିକ୍ଷା, ସ୍ୱାସ୍ଥ୍ୟ ଓ ଭିତ୍ତିଭୂମି ପାଇଁ ବ୍ୟାପକ ବ୍ୟବସ୍ଥା କରାଯାଇଛି। କୋଟି କୋଟି ଟଙ୍କାର ବ୍ୟୟବରାଦ ସହ ନୂଆ ଯୋଜନା ଘୋଷଣା ହୋଇଛି। ମୁଖ୍ୟମନ୍ତ୍ରୀ ଏହାକୁ ଜନକଲ୍ୟାଣକାରୀ ବଜେଟ କହିଛନ୍ତି। ରାଜ୍ୟ ସରକାରଙ୍କ ବଜେଟରେ ଗ୍ରାମ ବିକାଶ, ଶିକ୍ଷା, ସ୍ୱାସ୍ଥ୍ୟ ଓ ଭିତ୍ତିଭୂମି ପାଇଁ ବ୍ୟାପକ ବ୍ୟବସ୍ଥା କରାଯାଇଛି। କୋଟି କୋଟି ଟଙ୍କାର ବ୍ୟୟବରାଦ ସହ ନୂଆ ଯୋଜନା ଘୋଷଣା ହୋଇଛି। ମୁଖ୍ୟମନ୍ତ୍ରୀ ଏହାକୁ ଜନକଲ୍ୟାଣକାରୀ ବଜେଟ କହିଛନ୍ତି। ରାଜ୍ୟ ସରକାରଙ୍କ ବଜେଟରେ ଗ୍ରାମ ବିକାଶ, ଶିକ୍ଷା, ସ୍ୱାସ୍ଥ୍ୟ ଓ ଭିତ୍ତିଭୂମି ପାଇଁ ବ୍ୟାପକ ବ୍ୟବସ୍ଥା କରାଯାଇଛି। କୋଟି କୋଟି ଟଙ୍କାର ବ୍ୟୟବରାଦ ସହ ନୂଆ ଯୋଜନା ଘୋଷଣା ହୋଇଛି। ମୁଖ୍ୟମନ୍ତ୍ରୀ ଏହାକୁ ଜନକଲ୍ୟାଣକାରୀ ବଜେଟ କହିଛନ୍ତି।
9
